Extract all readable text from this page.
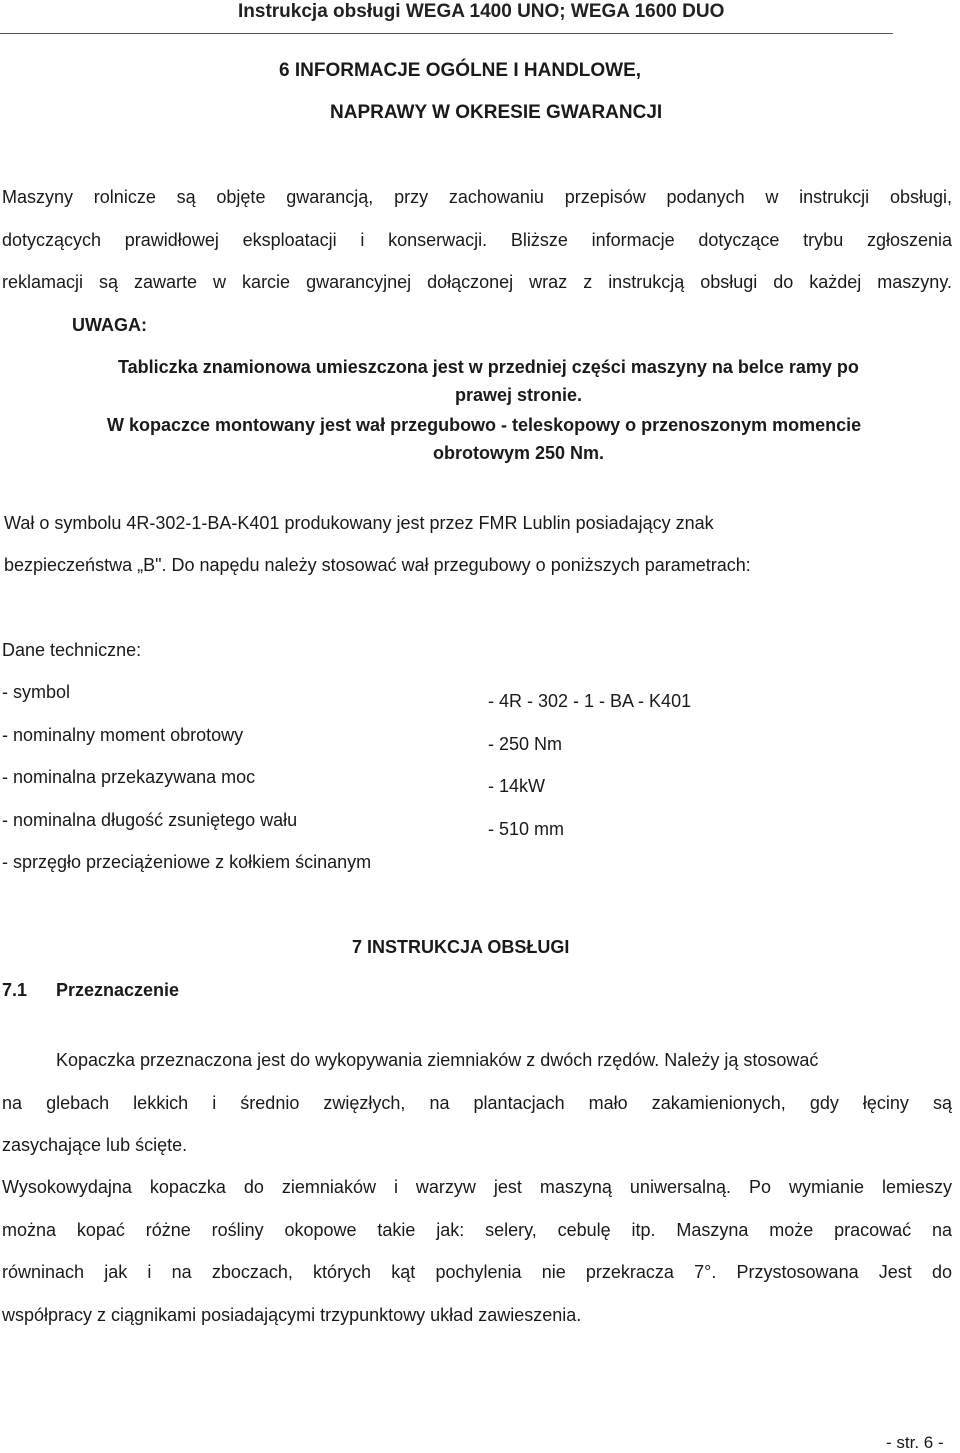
Instrukcja obsługi WEGA 1400 UNO; WEGA 1600 DUO
6 INFORMACJE OGÓLNE I HANDLOWE,
NAPRAWY W OKRESIE GWARANCJI
Maszyny rolnicze są objęte gwarancją, przy zachowaniu przepisów podanych w instrukcji obsługi,
dotyczących prawidłowej eksploatacji i konserwacji. Bliższe informacje dotyczące trybu zgłoszenia
reklamacji są zawarte w karcie gwarancyjnej dołączonej wraz z instrukcją obsługi do każdej maszyny.
UWAGA:
Tabliczka znamionowa umieszczona jest w przedniej części maszyny na belce ramy po
prawej stronie.
W kopaczce montowany jest wał przegubowo - teleskopowy o przenoszonym momencie
obrotowym 250 Nm.
Wał o symbolu 4R-302-1-BA-K401 produkowany jest przez FMR Lublin posiadający znak
bezpieczeństwa „B". Do napędu należy stosować wał przegubowy o poniższych parametrach:
Dane techniczne:
- symbol
- nominalny moment obrotowy
- nominalna przekazywana moc
- nominalna długość zsuniętego wału
- sprzęgło przeciążeniowe z kołkiem ścinanym
- 4R - 302 - 1 - BA - K401
- 250 Nm
- 14kW
- 510 mm
7 INSTRUKCJA OBSŁUGI
7.1 Przeznaczenie
Kopaczka przeznaczona jest do wykopywania ziemniaków z dwóch rzędów. Należy ją stosować
na glebach lekkich i średnio zwięzłych, na plantacjach mało zakamienionych, gdy łęciny są
zasychające lub ścięte.
Wysokowydajna kopaczka do ziemniaków i warzyw jest maszyną uniwersalną. Po wymianie lemieszy
można kopać różne rośliny okopowe takie jak: selery, cebulę itp. Maszyna może pracować na
równinach jak i na zboczach, których kąt pochylenia nie przekracza 7°. Przystosowana Jest do
współpracy z ciągnikami posiadającymi trzypunktowy układ zawieszenia.
- str. 6 -
